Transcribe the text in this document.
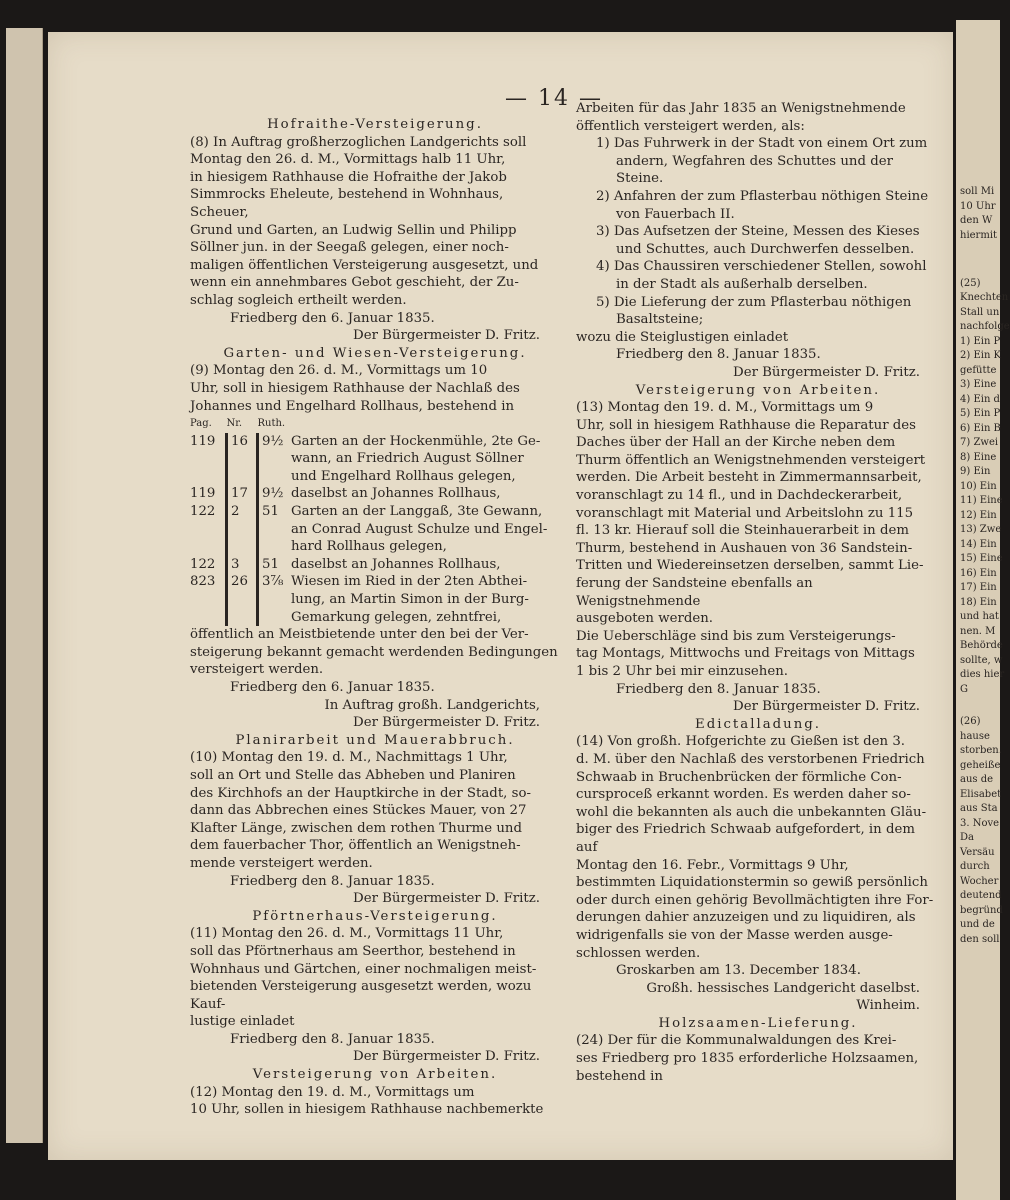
— 14 —
Hofraithe-Versteigerung.
(8) In Auftrag großherzoglichen Landgerichts soll
Montag den 26. d. M., Vormittags halb 11 Uhr,
in hiesigem Rathhause die Hofraithe der Jakob
Simmrocks Eheleute, bestehend in Wohnhaus, Scheuer,
Grund und Garten, an Ludwig Sellin und Philipp
Söllner jun. in der Seegaß gelegen, einer noch-
maligen öffentlichen Versteigerung ausgesetzt, und
wenn ein annehmbares Gebot geschieht, der Zu-
schlag sogleich ertheilt werden.
Friedberg den 6. Januar 1835.
Der Bürgermeister D. Fritz.
Garten- und Wiesen-Versteigerung.
(9) Montag den 26. d. M., Vormittags um 10
Uhr, soll in hiesigem Rathhause der Nachlaß des
Johannes und Engelhard Rollhaus, bestehend in
Pag.	Nr.	Ruth.	
119	16	9½	Garten an der Hockenmühle, 2te Ge-
wann, an Friedrich August Söllner
und Engelhard Rollhaus gelegen,

119	17	9½	daselbst an Johannes Rollhaus,

122	2	51	Garten an der Langgaß, 3te Gewann,
an Conrad August Schulze und Engel-
hard Rollhaus gelegen,

122	3	51	daselbst an Johannes Rollhaus,

823	26	3⅞	Wiesen im Ried in der 2ten Abthei-
lung, an Martin Simon in der Burg-
Gemarkung gelegen, zehntfrei,
öffentlich an Meistbietende unter den bei der Ver-
steigerung bekannt gemacht werdenden Bedingungen
versteigert werden.
Friedberg den 6. Januar 1835.
In Auftrag großh. Landgerichts,
Der Bürgermeister D. Fritz.
Planirarbeit und Mauerabbruch.
(10) Montag den 19. d. M., Nachmittags 1 Uhr,
soll an Ort und Stelle das Abheben und Planiren
des Kirchhofs an der Hauptkirche in der Stadt, so-
dann das Abbrechen eines Stückes Mauer, von 27
Klafter Länge, zwischen dem rothen Thurme und
dem fauerbacher Thor, öffentlich an Wenigstneh-
mende versteigert werden.
Friedberg den 8. Januar 1835.
Der Bürgermeister D. Fritz.
Pförtnerhaus-Versteigerung.
(11) Montag den 26. d. M., Vormittags 11 Uhr,
soll das Pförtnerhaus am Seerthor, bestehend in
Wohnhaus und Gärtchen, einer nochmaligen meist-
bietenden Versteigerung ausgesetzt werden, wozu Kauf-
lustige einladet
Friedberg den 8. Januar 1835.
Der Bürgermeister D. Fritz.
Versteigerung von Arbeiten.
(12) Montag den 19. d. M., Vormittags um
10 Uhr, sollen in hiesigem Rathhause nachbemerkte
Arbeiten für das Jahr 1835 an Wenigstnehmende
öffentlich versteigert werden, als:
1) Das Fuhrwerk in der Stadt von einem Ort zum andern, Wegfahren des Schuttes und der Steine.
2) Anfahren der zum Pflasterbau nöthigen Steine von Fauerbach II.
3) Das Aufsetzen der Steine, Messen des Kieses und Schuttes, auch Durchwerfen desselben.
4) Das Chaussiren verschiedener Stellen, sowohl in der Stadt als außerhalb derselben.
5) Die Lieferung der zum Pflasterbau nöthigen Basaltsteine;
wozu die Steiglustigen einladet
Friedberg den 8. Januar 1835.
Der Bürgermeister D. Fritz.
Versteigerung von Arbeiten.
(13) Montag den 19. d. M., Vormittags um 9
Uhr, soll in hiesigem Rathhause die Reparatur des
Daches über der Hall an der Kirche neben dem
Thurm öffentlich an Wenigstnehmenden versteigert
werden. Die Arbeit besteht in Zimmermannsarbeit,
voranschlagt zu 14 fl., und in Dachdeckerarbeit,
voranschlagt mit Material und Arbeitslohn zu 115
fl. 13 kr. Hierauf soll die Steinhauerarbeit in dem
Thurm, bestehend in Aushauen von 36 Sandstein-
Tritten und Wiedereinsetzen derselben, sammt Lie-
ferung der Sandsteine ebenfalls an Wenigstnehmende
ausgeboten werden.
Die Ueberschläge sind bis zum Versteigerungs-
tag Montags, Mittwochs und Freitags von Mittags
1 bis 2 Uhr bei mir einzusehen.
Friedberg den 8. Januar 1835.
Der Bürgermeister D. Fritz.
Edictalladung.
(14) Von großh. Hofgerichte zu Gießen ist den 3.
d. M. über den Nachlaß des verstorbenen Friedrich
Schwaab in Bruchenbrücken der förmliche Con-
cursproceß erkannt worden. Es werden daher so-
wohl die bekannten als auch die unbekannten Gläu-
biger des Friedrich Schwaab aufgefordert, in dem
auf
Montag den 16. Febr., Vormittags 9 Uhr,
bestimmten Liquidationstermin so gewiß persönlich
oder durch einen gehörig Bevollmächtigten ihre For-
derungen dahier anzuzeigen und zu liquidiren, als
widrigenfalls sie von der Masse werden ausge-
schlossen werden.
Groskarben am 13. December 1834.
Großh. hessisches Landgericht daselbst.
Winheim.
Holzsaamen-Lieferung.
(24) Der für die Kommunalwaldungen des Krei-
ses Friedberg pro 1835 erforderliche Holzsaamen,
bestehend in
soll Mi
10 Uhr
den W
hiermit
(25)
Knechten
Stall un
nachfolge
1) Ein P
2) Ein K
gefütte
3) Eine
4) Ein d
5) Ein P
6) Ein B
7) Zwei
8) Eine
9) Ein
10) Ein
11) Eine
12) Ein
13) Zwe
14) Ein
15) Eine
16) Ein
17) Ein
18) Ein
und hat
nen. M
Behörde
sollte, w
dies hier
G
(26)
hause
storben.
geheiße
aus de
Elisabet
aus Sta
3. Nove
Da
Versäu
durch
Wocher
deutend
begründ
und de
den soll
